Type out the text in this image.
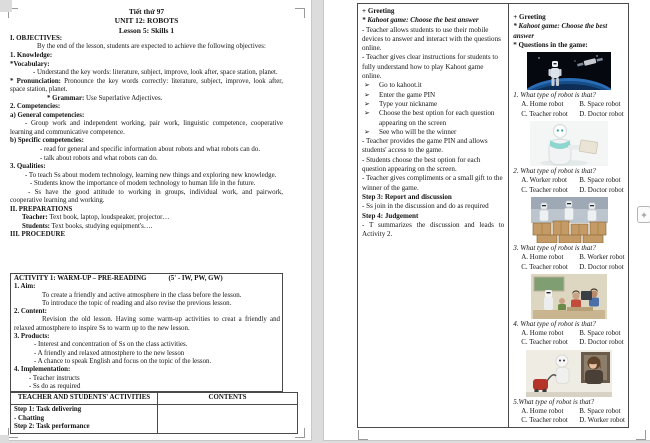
Tiết thứ 97

UNIT 12: ROBOTS

Lesson 5: Skills 1

I. OBJECTIVES:

By the end of the lesson, students are expected to achieve the following objectives:

1. Knowledge:

*Vocabulary:

- Understand the key words: literature, subject, improve, look after, space station, planet.

* Pronunciation: Pronounce the key words correctly: literature, subject, improve, look after, space station, planet.

* Grammar: Use Superlative Adjectives.

2. Competencies:

a) General competencies:

- Group work and independent working, pair work, linguistic competence, cooperative learning and communicative competence.

b) Specific competencies:

- read for general and specific information about robots and what robots can do.

- talk about robots and what robots can do.

3. Qualities:

- To teach Ss about modem technology, learning new things and exploring new knowledge.

- Students know the importance of modem technology to human life in the future.

- Ss have the good attitude to working in groups, individual work, and pairwork, cooperative learning and working.

II. PREPARATIONS

Teacher: Text book, laptop, loudspeaker, projector…

Students: Text books, studying equipment's….

III. PROCEDURE

ACTIVITY 1: WARM-UP – PRE-READING	(5' - IW, PW, GW)

1. Aim:

To create a friendly and active atmosphere in the class before the lesson.

To introduce the topic of reading and also revise the previous lesson.

2. Content:

Revision the old lesson. Having some warm-up activities to creat a friendly and relaxed atmostphere to inspire Ss to warm up to the new lesson.

3. Products:

- Interest and concentration of Ss on the class activities.

- A friendly and relaxed atmostphere to the new lesson

- A chance to speak English and focus on the topic of the lesson.

4. Implementation:

- Teacher instructs

- Ss do as required

TEACHER AND STUDENTS' ACTIVITIES	CONTENTS

Step 1: Task delivering

- Chatting

Step 2: Task performance	

+ Greeting

* Kahoot game: Choose the best answer

- Teacher allows students to use their mobile devices to answer and interact with the questions online.

- Teacher gives clear instructions for students to fully understand how to play Kahoot game online.

➢	Go to kahoot.it

➢	Enter the game PIN

➢	Type your nickname

➢	Choose the best option for each question appearing on the screen

➢	See who will be the winner

- Teacher provides the game PIN and allows students' access to the game.

- Students choose the best option for each question appearing on the screen.

- Teacher gives compliments or a small gift to the winner of the game.

Step 3: Report and discussion

- Ss join in the discussion and do as required

Step 4: Judgement

- T summarizes the discussion and leads to Activity 2.

+ Greeting

* Kahoot game: Choose the best answer

* Questions in the game:

1. What type of robot is that?

A. Home robot	B. Space robot
C. Teacher robot	D. Doctor robot

2. What type of robot is that?

A. Worker robot	B. Space robot
C. Teacher robot	D. Doctor robot

3. What type of robot is that?

A. Home robot	B. Worker robot
C. Teacher robot	D. Doctor robot

4. What type of robot is that?

A. Home robot	B. Space robot
C. Teacher robot	D. Doctor robot

5.What type of robot is that?

A. Home robot	B. Space robot
C. Teacher robot	D. Worker robot
+
